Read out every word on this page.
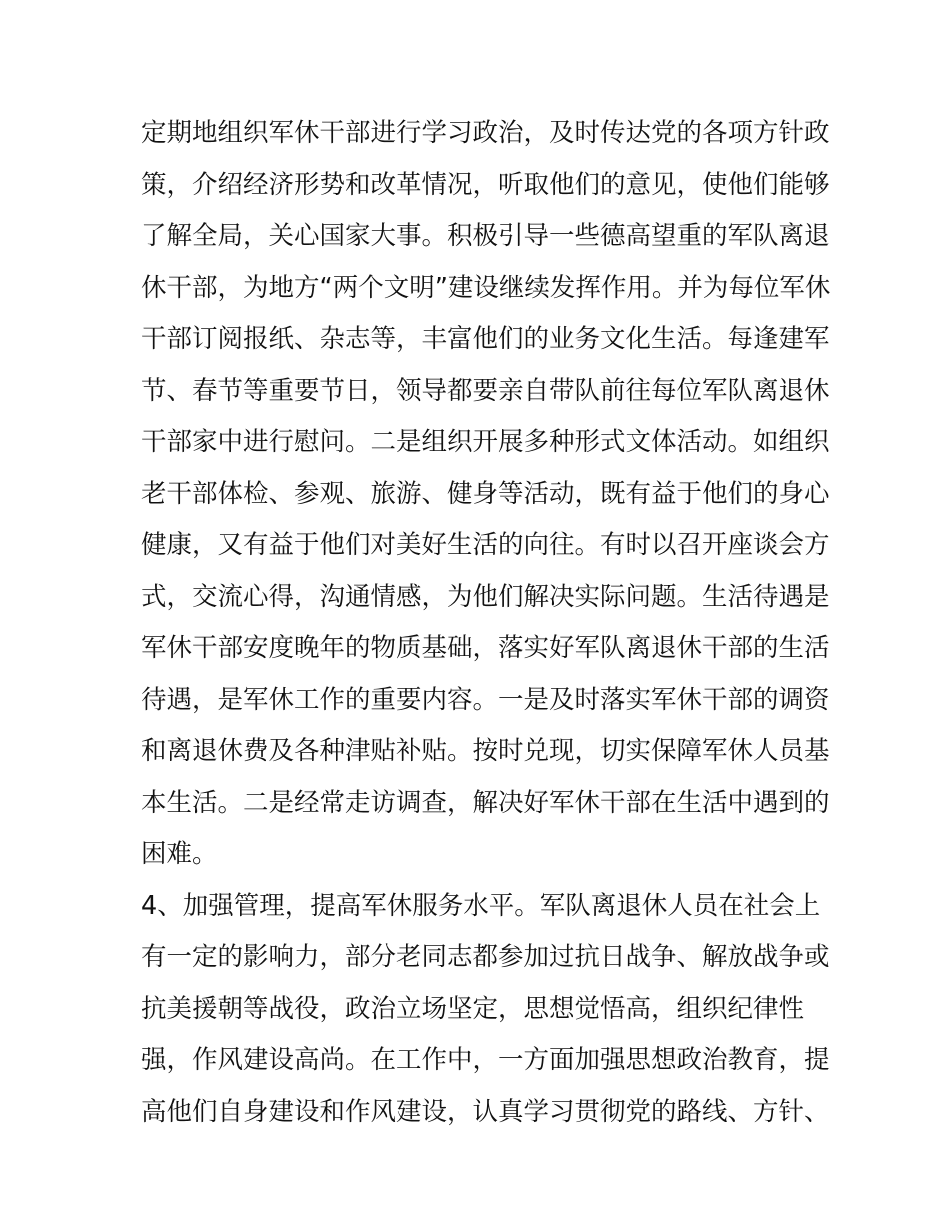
定期地组织军休干部进行学习政治，及时传达党的各项方针政
策，介绍经济形势和改革情况，听取他们的意见，使他们能够
了解全局，关心国家大事。积极引导一些德高望重的军队离退
休干部，为地方“两个文明”建设继续发挥作用。并为每位军休
干部订阅报纸、杂志等，丰富他们的业务文化生活。每逢建军
节、春节等重要节日，领导都要亲自带队前往每位军队离退休
干部家中进行慰问。二是组织开展多种形式文体活动。如组织
老干部体检、参观、旅游、健身等活动，既有益于他们的身心
健康，又有益于他们对美好生活的向往。有时以召开座谈会方
式，交流心得，沟通情感，为他们解决实际问题。生活待遇是
军休干部安度晚年的物质基础，落实好军队离退休干部的生活
待遇，是军休工作的重要内容。一是及时落实军休干部的调资
和离退休费及各种津贴补贴。按时兑现，切实保障军休人员基
本生活。二是经常走访调查，解决好军休干部在生活中遇到的
困难。
4、加强管理，提高军休服务水平。军队离退休人员在社会上
有一定的影响力，部分老同志都参加过抗日战争、解放战争或
抗美援朝等战役，政治立场坚定，思想觉悟高，组织纪律性
强，作风建设高尚。在工作中，一方面加强思想政治教育，提
高他们自身建设和作风建设，认真学习贯彻党的路线、方针、
